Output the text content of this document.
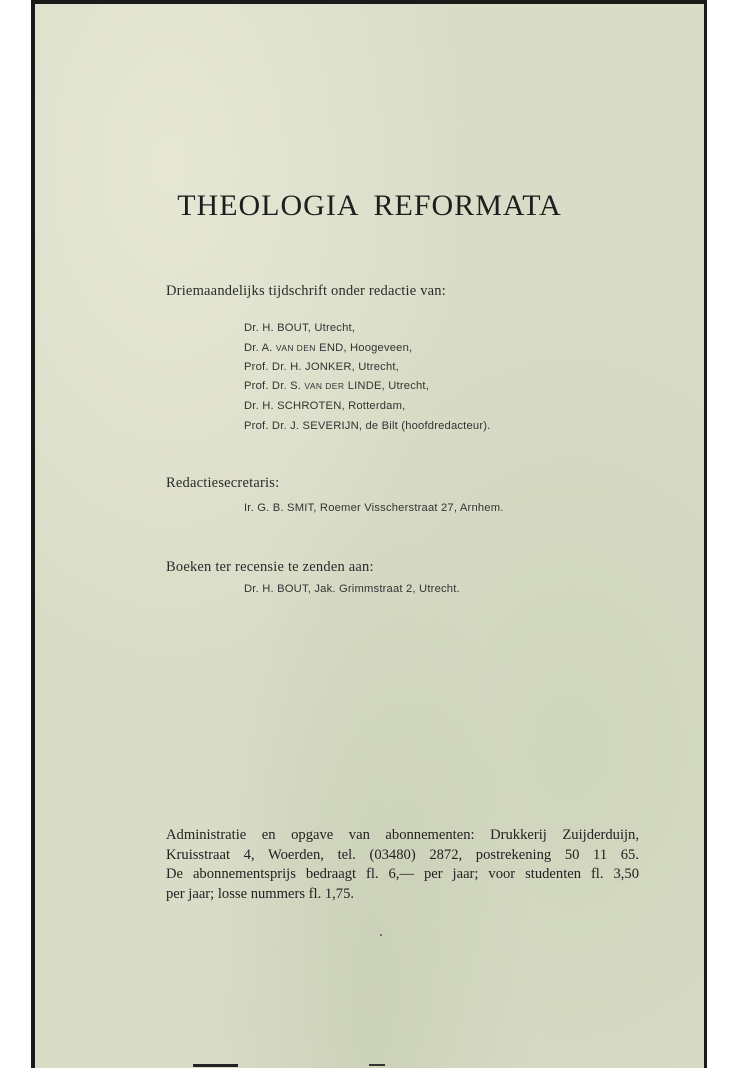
THEOLOGIA REFORMATA
Driemaandelijks tijdschrift onder redactie van:
Dr. H. BOUT, Utrecht,
Dr. A. VAN DEN END, Hoogeveen,
Prof. Dr. H. JONKER, Utrecht,
Prof. Dr. S. VAN DER LINDE, Utrecht,
Dr. H. SCHROTEN, Rotterdam,
Prof. Dr. J. SEVERIJN, de Bilt (hoofdredacteur).
Redactiesecretaris:
Ir. G. B. SMIT, Roemer Visscherstraat 27, Arnhem.
Boeken ter recensie te zenden aan:
Dr. H. BOUT, Jak. Grimmstraat 2, Utrecht.
Administratie en opgave van abonnementen: Drukkerij Zuijderduijn,
Kruisstraat 4, Woerden, tel. (03480) 2872, postrekening 50 11 65.
De abonnementsprijs bedraagt fl. 6,— per jaar; voor studenten fl. 3,50
per jaar; losse nummers fl. 1,75.
